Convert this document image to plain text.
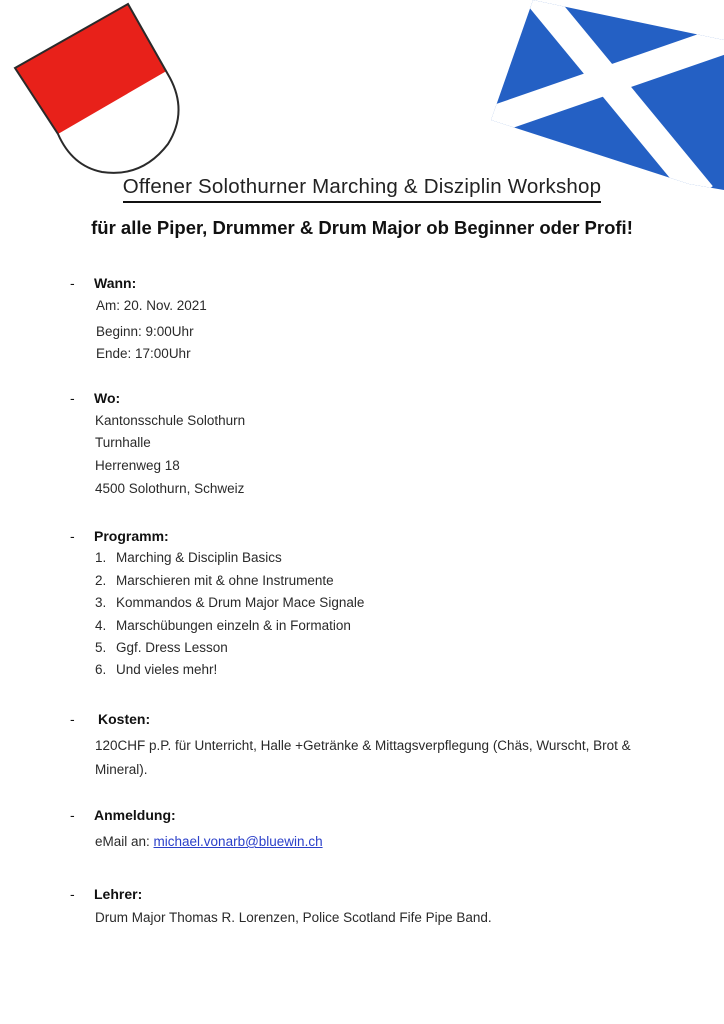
Offener Solothurner Marching & Disziplin Workshop
für alle Piper, Drummer & Drum Major ob Beginner oder Profi!
- Wann:
Am: 20. Nov. 2021
Beginn: 9:00Uhr
Ende: 17:00Uhr
- Wo:
Kantonsschule Solothurn
Turnhalle
Herrenweg 18
4500 Solothurn, Schweiz
- Programm:
1. Marching & Disciplin Basics
2. Marschieren mit & ohne Instrumente
3. Kommandos & Drum Major Mace Signale
4. Marschübungen einzeln & in Formation
5. Ggf. Dress Lesson
6. Und vieles mehr!
- Kosten:
120CHF p.P. für Unterricht, Halle +Getränke & Mittagsverpflegung (Chäs, Wurscht, Brot &
Mineral).
- Anmeldung:
eMail an: michael.vonarb@bluewin.ch
- Lehrer:
Drum Major Thomas R. Lorenzen, Police Scotland Fife Pipe Band.
